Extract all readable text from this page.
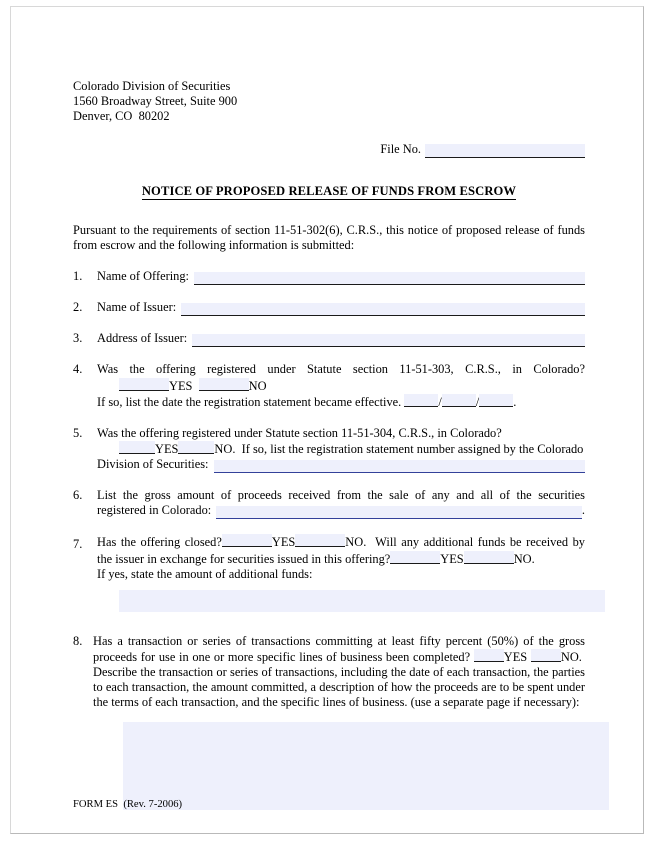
Colorado Division of Securities
1560 Broadway Street, Suite 900
Denver, CO  80202
File No.
NOTICE OF PROPOSED RELEASE OF FUNDS FROM ESCROW
Pursuant to the requirements of section 11-51-302(6), C.R.S., this notice of proposed release of funds from escrow and the following information is submitted:
1.	Name of Offering:
2.	Name of Issuer:
3.	Address of Issuer:
4.	Was the offering registered under Statute section 11-51-303, C.R.S., in Colorado?
YES	NO
If so, list the date the registration statement became effective.	/	/	.
5.	Was the offering registered under Statute section 11-51-304, C.R.S., in Colorado?
YES	NO. If so, list the registration statement number assigned by the Colorado
Division of Securities:
6.	List the gross amount of proceeds received from the sale of any and all of the securities
registered in Colorado:	.
7.	Has the offering closed?	YES	NO. Will any additional funds be received by the issuer in exchange for securities issued in this offering?	YES	NO.
If yes, state the amount of additional funds:
8. Has a transaction or series of transactions committing at least fifty percent (50%) of the gross proceeds for use in one or more specific lines of business been completed?	YES	NO.  Describe the transaction or series of transactions, including the date of each transaction, the parties to each transaction, the amount committed, a description of how the proceeds are to be spent under the terms of each transaction, and the specific lines of business. (use a separate page if necessary):
FORM ES  (Rev. 7-2006)
